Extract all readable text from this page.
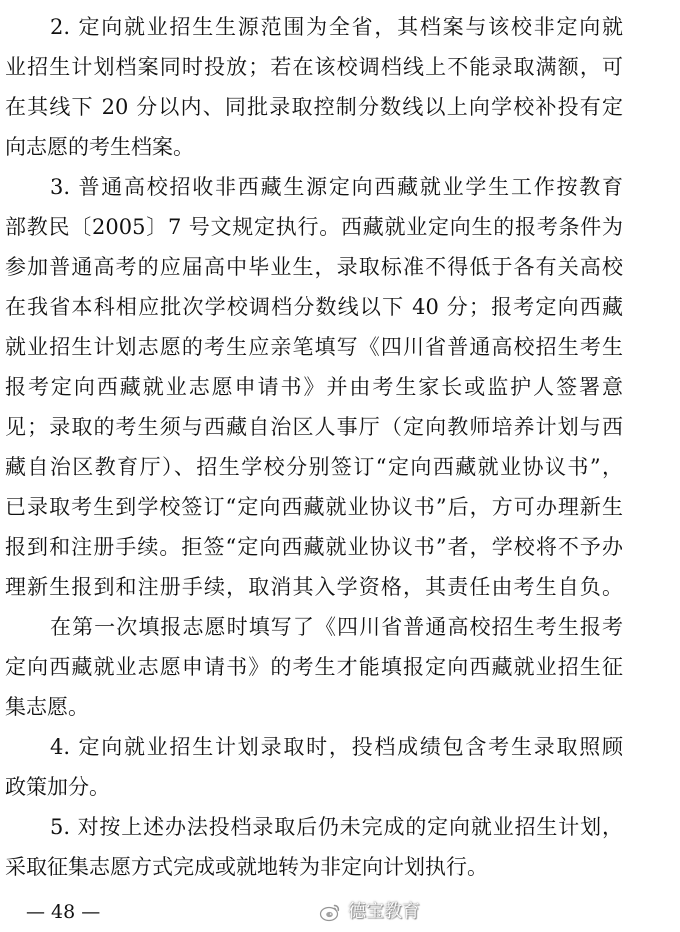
2. 定向就业招生生源范围为全省，其档案与该校非定向就
业招生计划档案同时投放；若在该校调档线上不能录取满额，可
在其线下 20 分以内、同批录取控制分数线以上向学校补投有定
向志愿的考生档案。
3. 普通高校招收非西藏生源定向西藏就业学生工作按教育
部教民〔2005〕7 号文规定执行。西藏就业定向生的报考条件为
参加普通高考的应届高中毕业生，录取标准不得低于各有关高校
在我省本科相应批次学校调档分数线以下 40 分；报考定向西藏
就业招生计划志愿的考生应亲笔填写《四川省普通高校招生考生
报考定向西藏就业志愿申请书》并由考生家长或监护人签署意
见；录取的考生须与西藏自治区人事厅（定向教师培养计划与西
藏自治区教育厅）、招生学校分别签订“定向西藏就业协议书”，
已录取考生到学校签订“定向西藏就业协议书”后，方可办理新生
报到和注册手续。拒签“定向西藏就业协议书”者，学校将不予办
理新生报到和注册手续，取消其入学资格，其责任由考生自负。
在第一次填报志愿时填写了《四川省普通高校招生考生报考
定向西藏就业志愿申请书》的考生才能填报定向西藏就业招生征
集志愿。
4. 定向就业招生计划录取时，投档成绩包含考生录取照顾
政策加分。
5. 对按上述办法投档录取后仍未完成的定向就业招生计划，
采取征集志愿方式完成或就地转为非定向计划执行。
— 48 —	德宝教育
